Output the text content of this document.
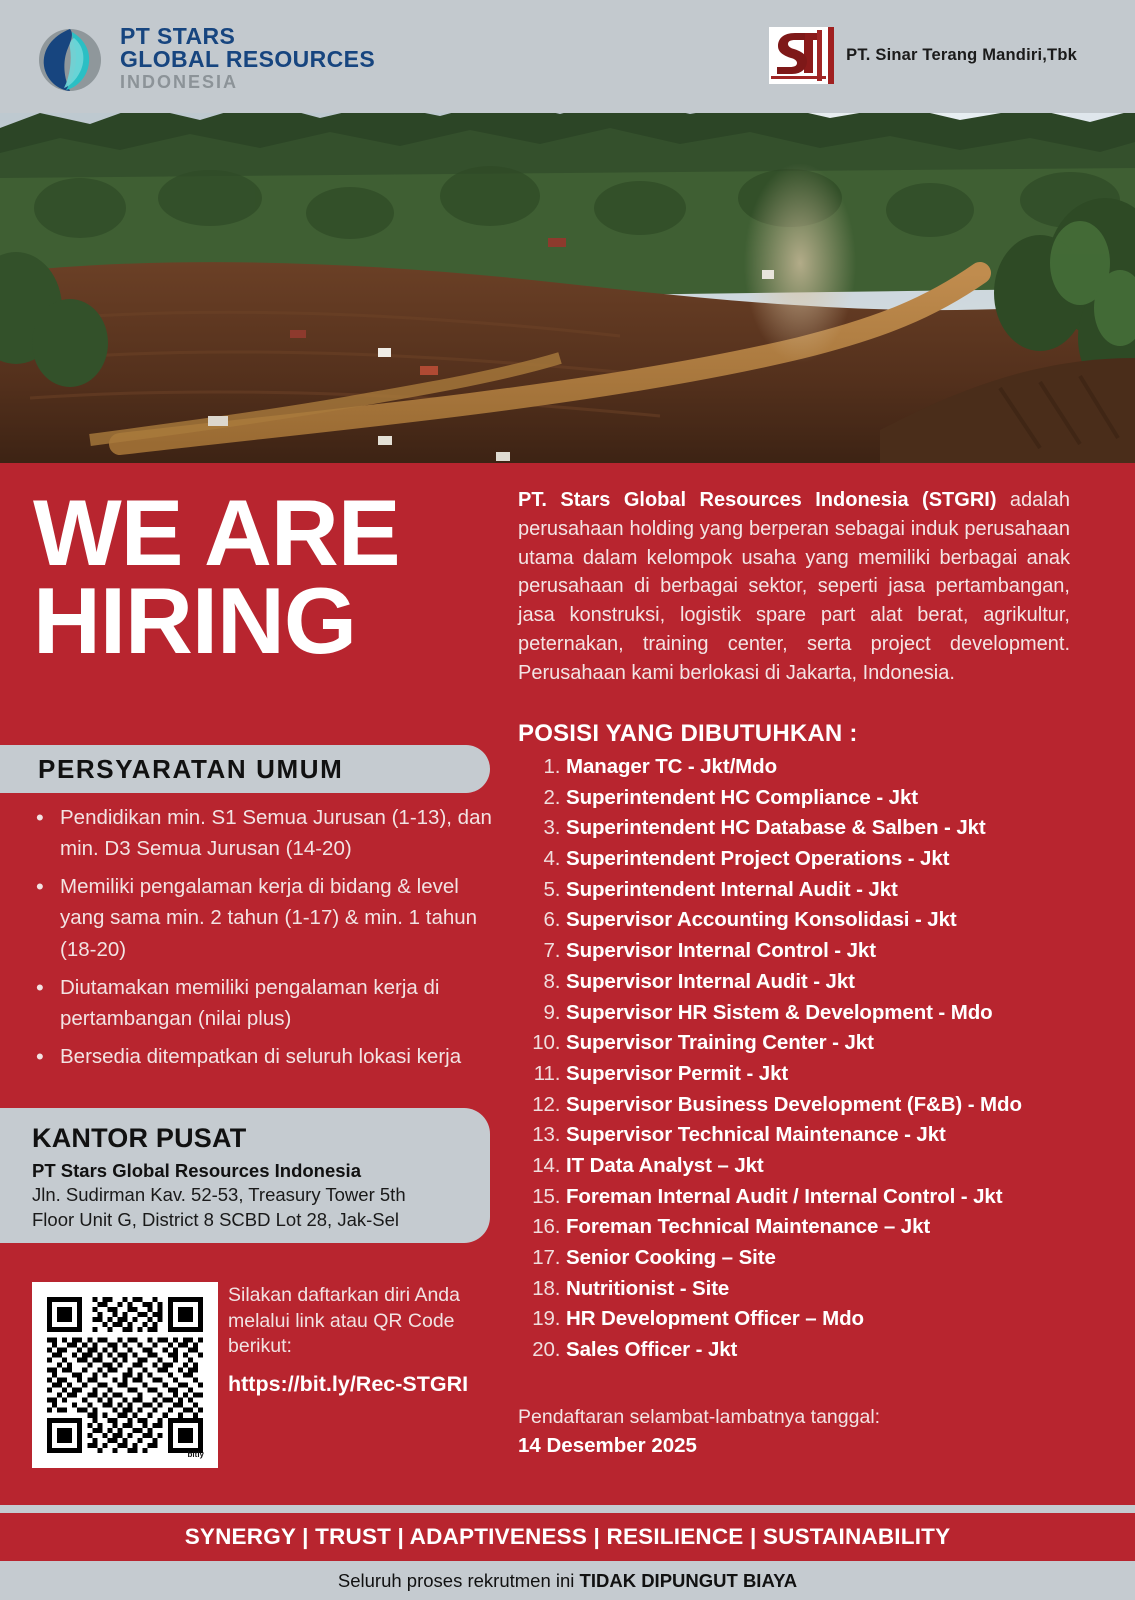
PT STARS
GLOBAL RESOURCES
INDONESIA
PT. Sinar Terang Mandiri,Tbk
WE ARE
HIRING
PERSYARATAN UMUM
• Pendidikan min. S1 Semua Jurusan (1-13), dan min. D3 Semua Jurusan (14-20)
• Memiliki pengalaman kerja di bidang & level yang sama min. 2 tahun (1-17) & min. 1 tahun (18-20)
• Diutamakan memiliki pengalaman kerja di pertambangan (nilai plus)
• Bersedia ditempatkan di seluruh lokasi kerja
KANTOR PUSAT
PT Stars Global Resources Indonesia
Jln. Sudirman Kav. 52-53, Treasury Tower 5th
Floor Unit G, District 8 SCBD Lot 28, Jak-Sel
bitly
Silakan daftarkan diri Anda melalui link atau QR Code berikut:
https://bit.ly/Rec-STGRI

PT. Stars Global Resources Indonesia (STGRI) adalah perusahaan holding yang berperan sebagai induk perusahaan utama dalam kelompok usaha yang memiliki berbagai anak perusahaan di berbagai sektor, seperti jasa pertambangan, jasa konstruksi, logistik spare part alat berat, agrikultur, peternakan, training center, serta project development. Perusahaan kami berlokasi di Jakarta, Indonesia.

POSISI YANG DIBUTUHKAN :
1. Manager TC - Jkt/Mdo
2. Superintendent HC Compliance - Jkt
3. Superintendent HC Database & Salben - Jkt
4. Superintendent Project Operations - Jkt
5. Superintendent Internal Audit - Jkt
6. Supervisor Accounting Konsolidasi - Jkt
7. Supervisor Internal Control - Jkt
8. Supervisor Internal Audit - Jkt
9. Supervisor HR Sistem & Development - Mdo
10. Supervisor Training Center - Jkt
11. Supervisor Permit - Jkt
12. Supervisor Business Development (F&B) - Mdo
13. Supervisor Technical Maintenance - Jkt
14. IT Data Analyst – Jkt
15. Foreman Internal Audit / Internal Control - Jkt
16. Foreman Technical Maintenance – Jkt
17. Senior Cooking – Site
18. Nutritionist - Site
19. HR Development Officer – Mdo
20. Sales Officer - Jkt
Pendaftaran selambat-lambatnya tanggal:
14 Desember 2025
SYNERGY | TRUST | ADAPTIVENESS | RESILIENCE | SUSTAINABILITY
Seluruh proses rekrutmen ini TIDAK DIPUNGUT BIAYA
